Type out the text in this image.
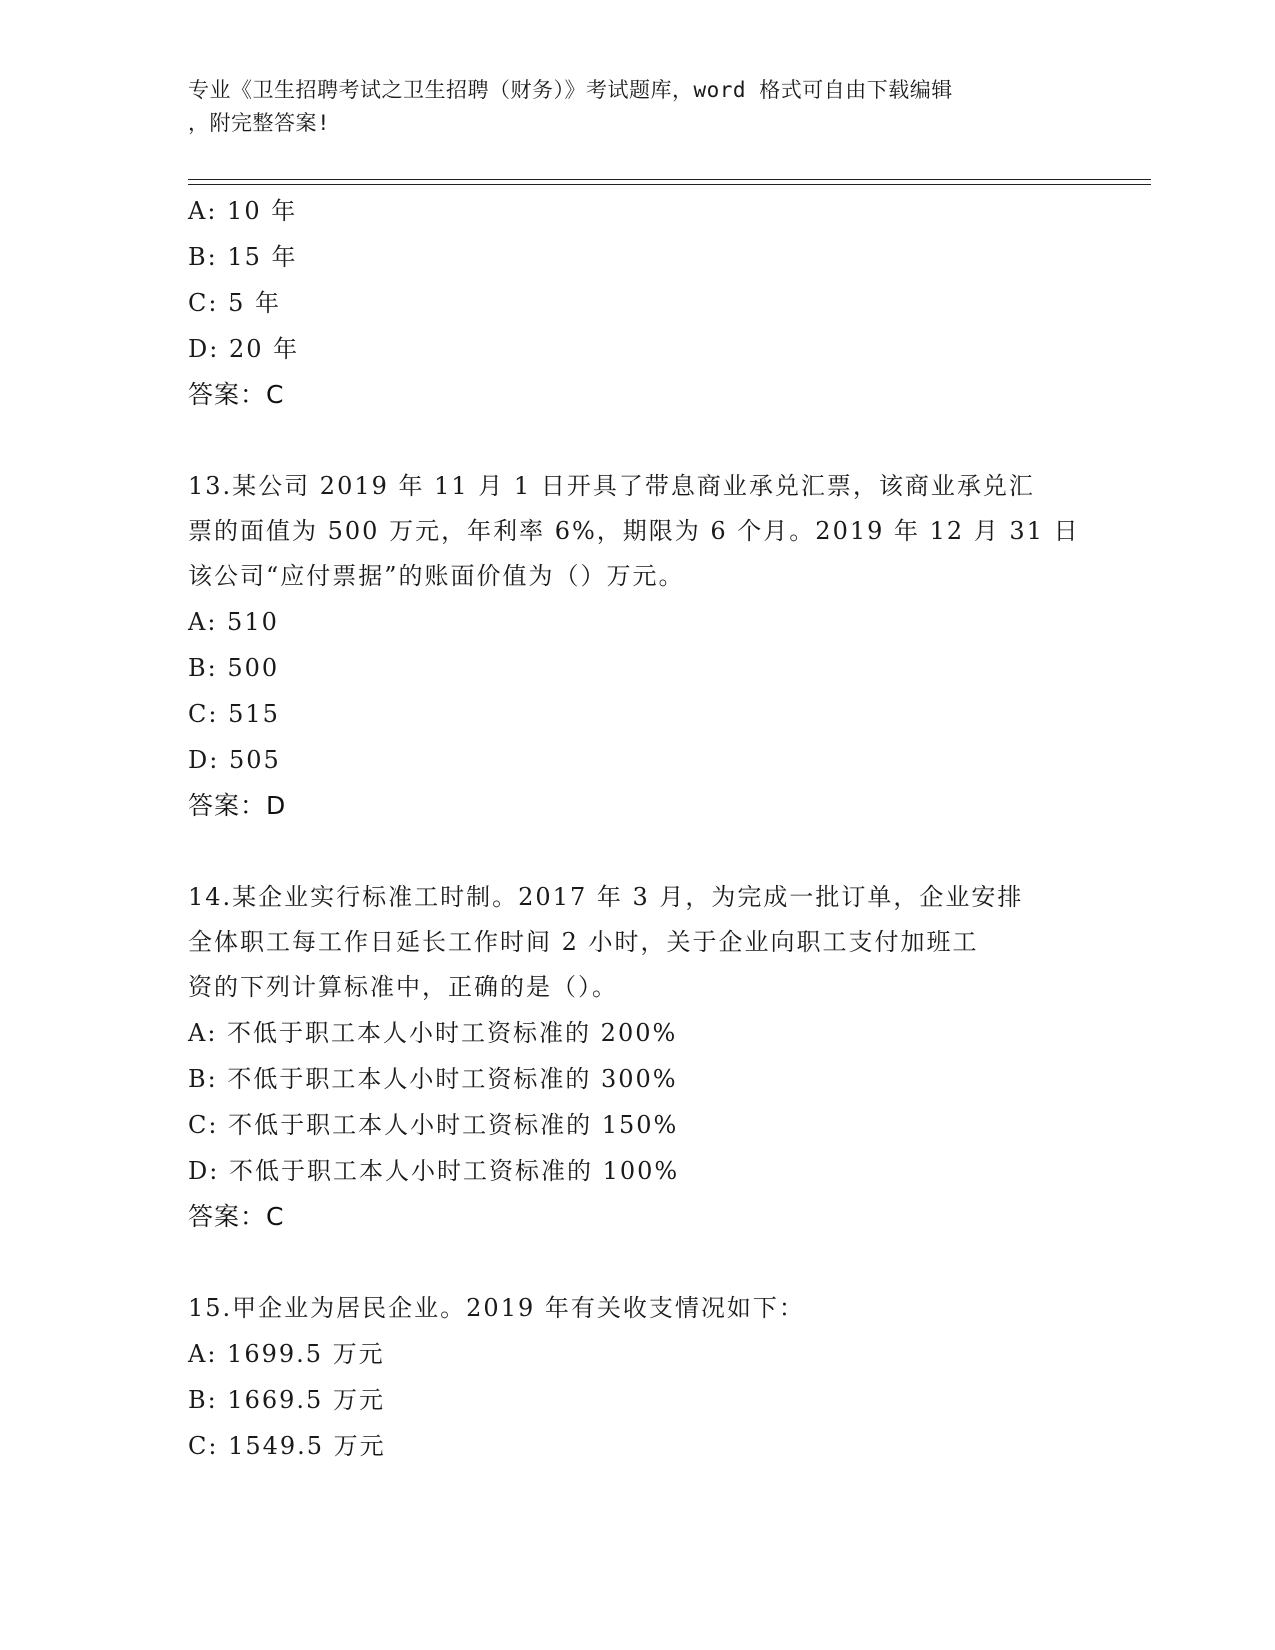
专业《卫生招聘考试之卫生招聘（财务）》考试题库，word 格式可自由下载编辑
，附完整答案!
A: 10 年
B: 15 年
C: 5 年
D: 20 年
答案：C
13.某公司 2019 年 11 月 1 日开具了带息商业承兑汇票，该商业承兑汇
票的面值为 500 万元，年利率 6%，期限为 6 个月。2019 年 12 月 31 日
该公司“应付票据”的账面价值为（）万元。
A: 510
B: 500
C: 515
D: 505
答案：D
14.某企业实行标准工时制。2017 年 3 月，为完成一批订单，企业安排
全体职工每工作日延长工作时间 2 小时，关于企业向职工支付加班工
资的下列计算标准中，正确的是（）。
A: 不低于职工本人小时工资标准的 200%
B: 不低于职工本人小时工资标准的 300%
C: 不低于职工本人小时工资标准的 150%
D: 不低于职工本人小时工资标准的 100%
答案：C
15.甲企业为居民企业。2019 年有关收支情况如下：
A: 1699.5 万元
B: 1669.5 万元
C: 1549.5 万元
